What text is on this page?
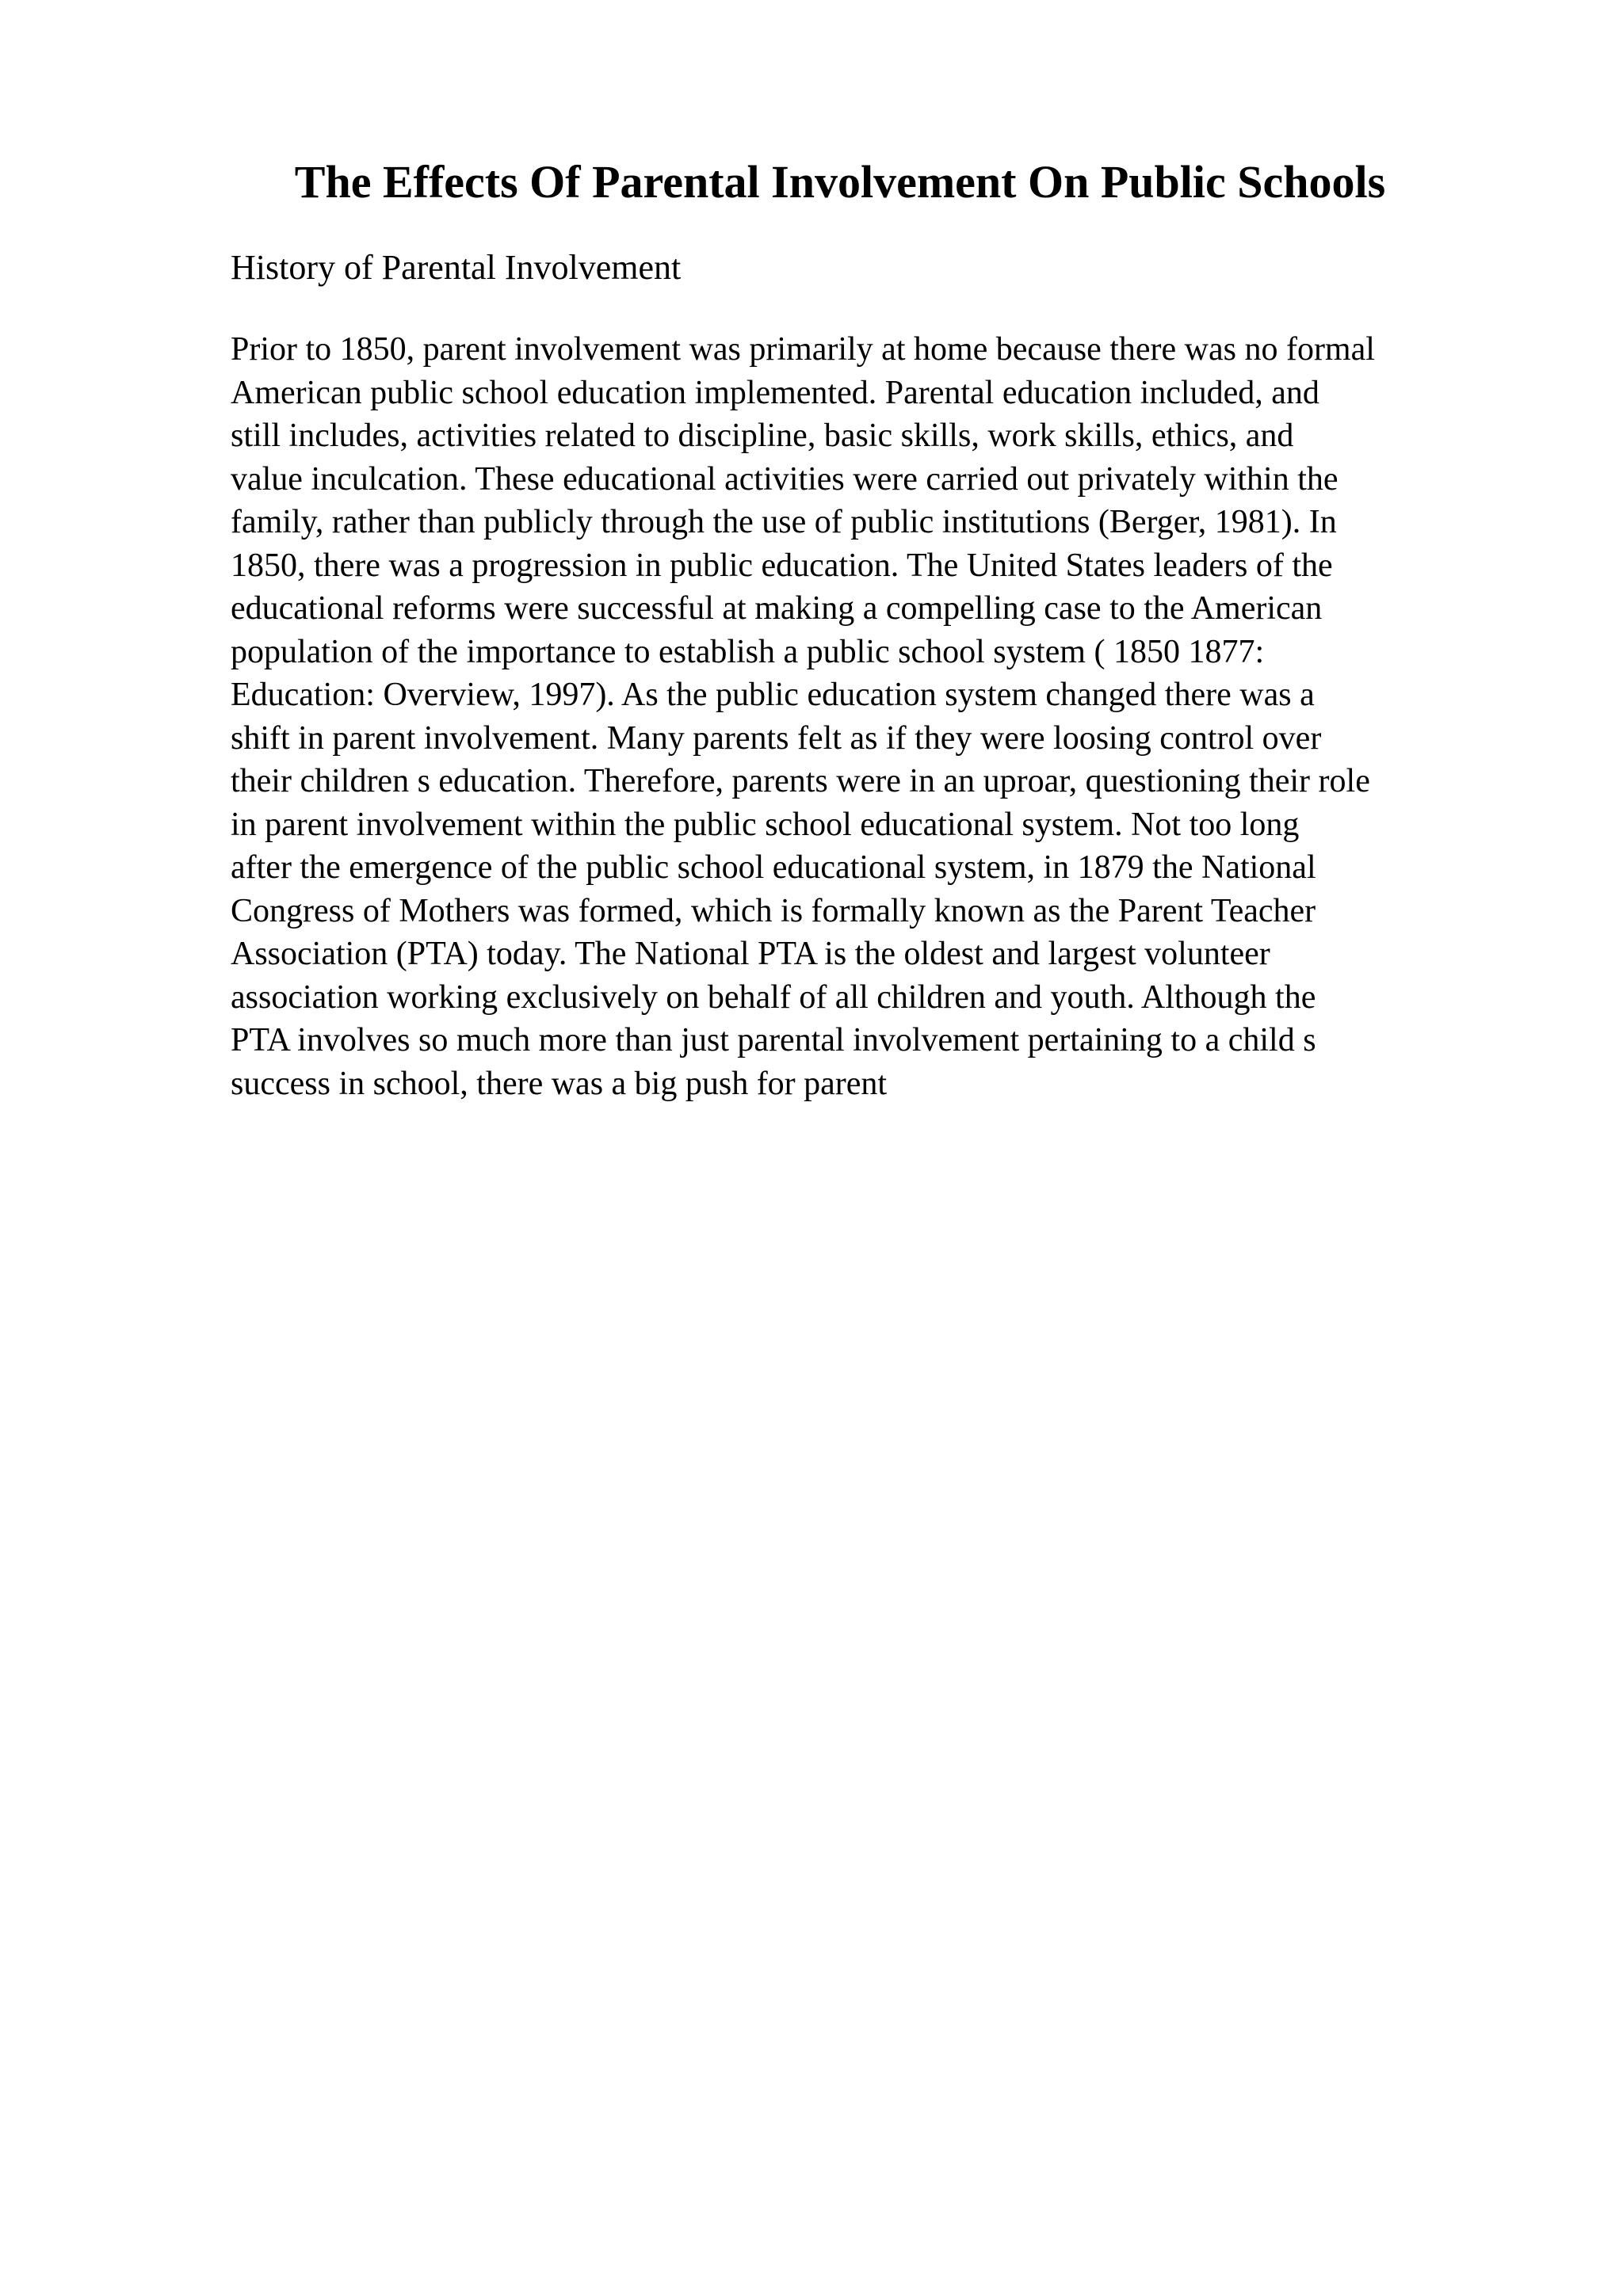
The Effects Of Parental Involvement On Public Schools
History of Parental Involvement

Prior to 1850, parent involvement was primarily at home because there was no formal
American public school education implemented. Parental education included, and
still includes, activities related to discipline, basic skills, work skills, ethics, and
value inculcation. These educational activities were carried out privately within the
family, rather than publicly through the use of public institutions (Berger, 1981). In
1850, there was a progression in public education. The United States leaders of the
educational reforms were successful at making a compelling case to the American
population of the importance to establish a public school system ( 1850 1877:
Education: Overview, 1997). As the public education system changed there was a
shift in parent involvement. Many parents felt as if they were loosing control over
their children s education. Therefore, parents were in an uproar, questioning their role
in parent involvement within the public school educational system. Not too long
after the emergence of the public school educational system, in 1879 the National
Congress of Mothers was formed, which is formally known as the Parent Teacher
Association (PTA) today. The National PTA is the oldest and largest volunteer
association working exclusively on behalf of all children and youth. Although the
PTA involves so much more than just parental involvement pertaining to a child s
success in school, there was a big push for parent
